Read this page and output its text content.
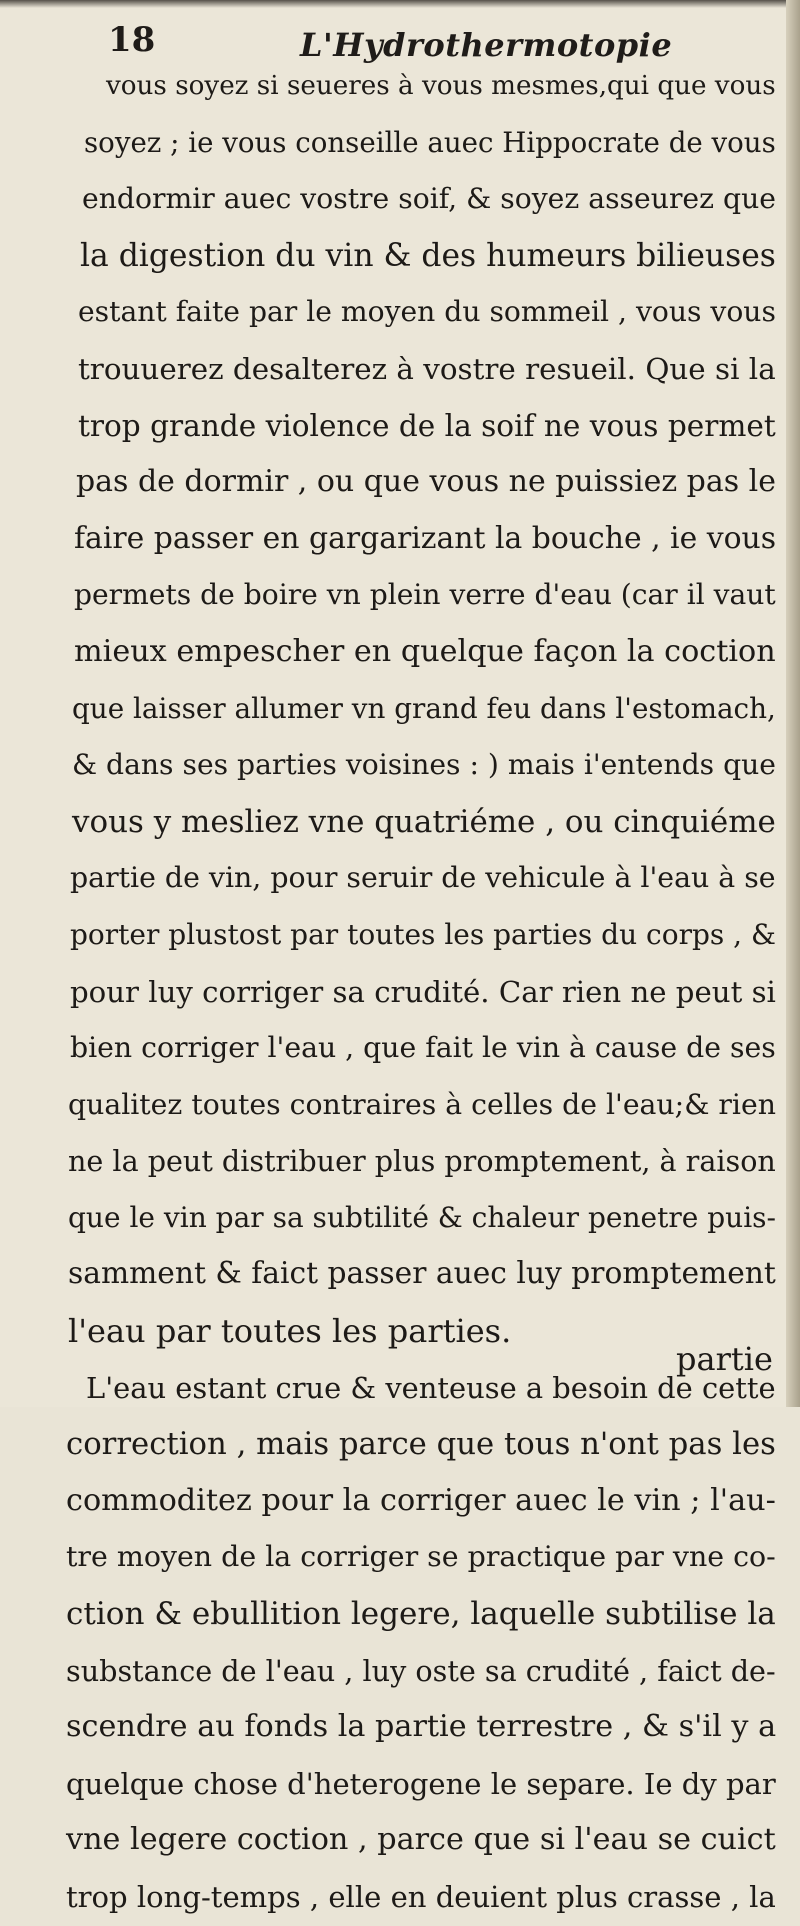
18	L'Hydrothermotopie
vous soyez si seueres à vous mesmes,qui que vous
soyez ; ie vous conseille auec Hippocrate de vous
endormir auec vostre soif, & soyez asseurez que
la digestion du vin & des humeurs bilieuses
estant faite par le moyen du sommeil , vous vous
trouuerez desalterez à vostre resueil. Que si la
trop grande violence de la soif ne vous permet
pas de dormir , ou que vous ne puissiez pas le
faire passer en gargarizant la bouche , ie vous
permets de boire vn plein verre d'eau (car il vaut
mieux empescher en quelque façon la coction
que laisser allumer vn grand feu dans l'estomach,
& dans ses parties voisines : ) mais i'entends que
vous y mesliez vne quatriéme , ou cinquiéme
partie de vin, pour seruir de vehicule à l'eau à se
porter plustost par toutes les parties du corps , &
pour luy corriger sa crudité. Car rien ne peut si
bien corriger l'eau , que fait le vin à cause de ses
qualitez toutes contraires à celles de l'eau;& rien
ne la peut distribuer plus promptement, à raison
que le vin par sa subtilité & chaleur penetre puis-
samment & faict passer auec luy promptement
l'eau par toutes les parties.
L'eau estant crue & venteuse a besoin de cette
correction , mais parce que tous n'ont pas les
commoditez pour la corriger auec le vin ; l'au-
tre moyen de la corriger se practique par vne co-
ction & ebullition legere, laquelle subtilise la
substance de l'eau , luy oste sa crudité , faict de-
scendre au fonds la partie terrestre , & s'il y a
quelque chose d'heterogene le separe. Ie dy par
vne legere coction , parce que si l'eau se cuict
trop long-temps , elle en deuient plus crasse , la
partie
